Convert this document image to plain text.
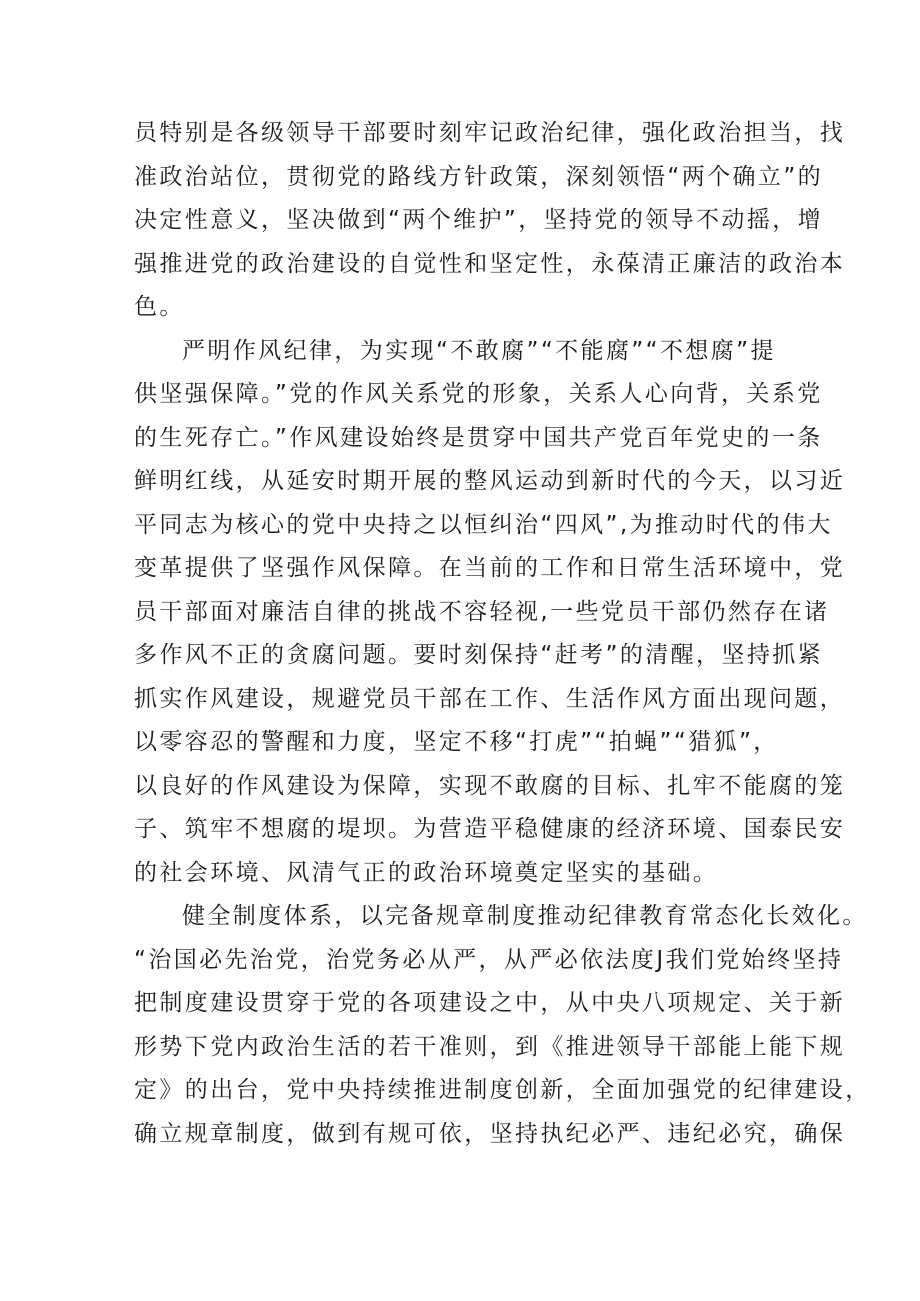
员特别是各级领导干部要时刻牢记政治纪律，强化政治担当，找
准政治站位，贯彻党的路线方针政策，深刻领悟“两个确立”的
决定性意义，坚决做到“两个维护”，坚持党的领导不动摇，增
强推进党的政治建设的自觉性和坚定性，永葆清正廉洁的政治本
色。
严明作风纪律，为实现“不敢腐”“不能腐”“不想腐”提
供坚强保障。”党的作风关系党的形象，关系人心向背，关系党
的生死存亡。”作风建设始终是贯穿中国共产党百年党史的一条
鲜明红线，从延安时期开展的整风运动到新时代的今天，以习近
平同志为核心的党中央持之以恒纠治“四风”,为推动时代的伟大
变革提供了坚强作风保障。在当前的工作和日常生活环境中，党
员干部面对廉洁自律的挑战不容轻视,一些党员干部仍然存在诸
多作风不正的贪腐问题。要时刻保持“赶考”的清醒，坚持抓紧
抓实作风建设，规避党员干部在工作、生活作风方面出现问题，
以零容忍的警醒和力度，坚定不移“打虎”“拍蝇”“猎狐”，
以良好的作风建设为保障，实现不敢腐的目标、扎牢不能腐的笼
子、筑牢不想腐的堤坝。为营造平稳健康的经济环境、国泰民安
的社会环境、风清气正的政治环境奠定坚实的基础。
健全制度体系，以完备规章制度推动纪律教育常态化长效化。
“治国必先治党，治党务必从严，从严必依法度J我们党始终坚持
把制度建设贯穿于党的各项建设之中，从中央八项规定、关于新
形势下党内政治生活的若干准则，到《推进领导干部能上能下规
定》的出台，党中央持续推进制度创新，全面加强党的纪律建设，
确立规章制度，做到有规可依，坚持执纪必严、违纪必究，确保
